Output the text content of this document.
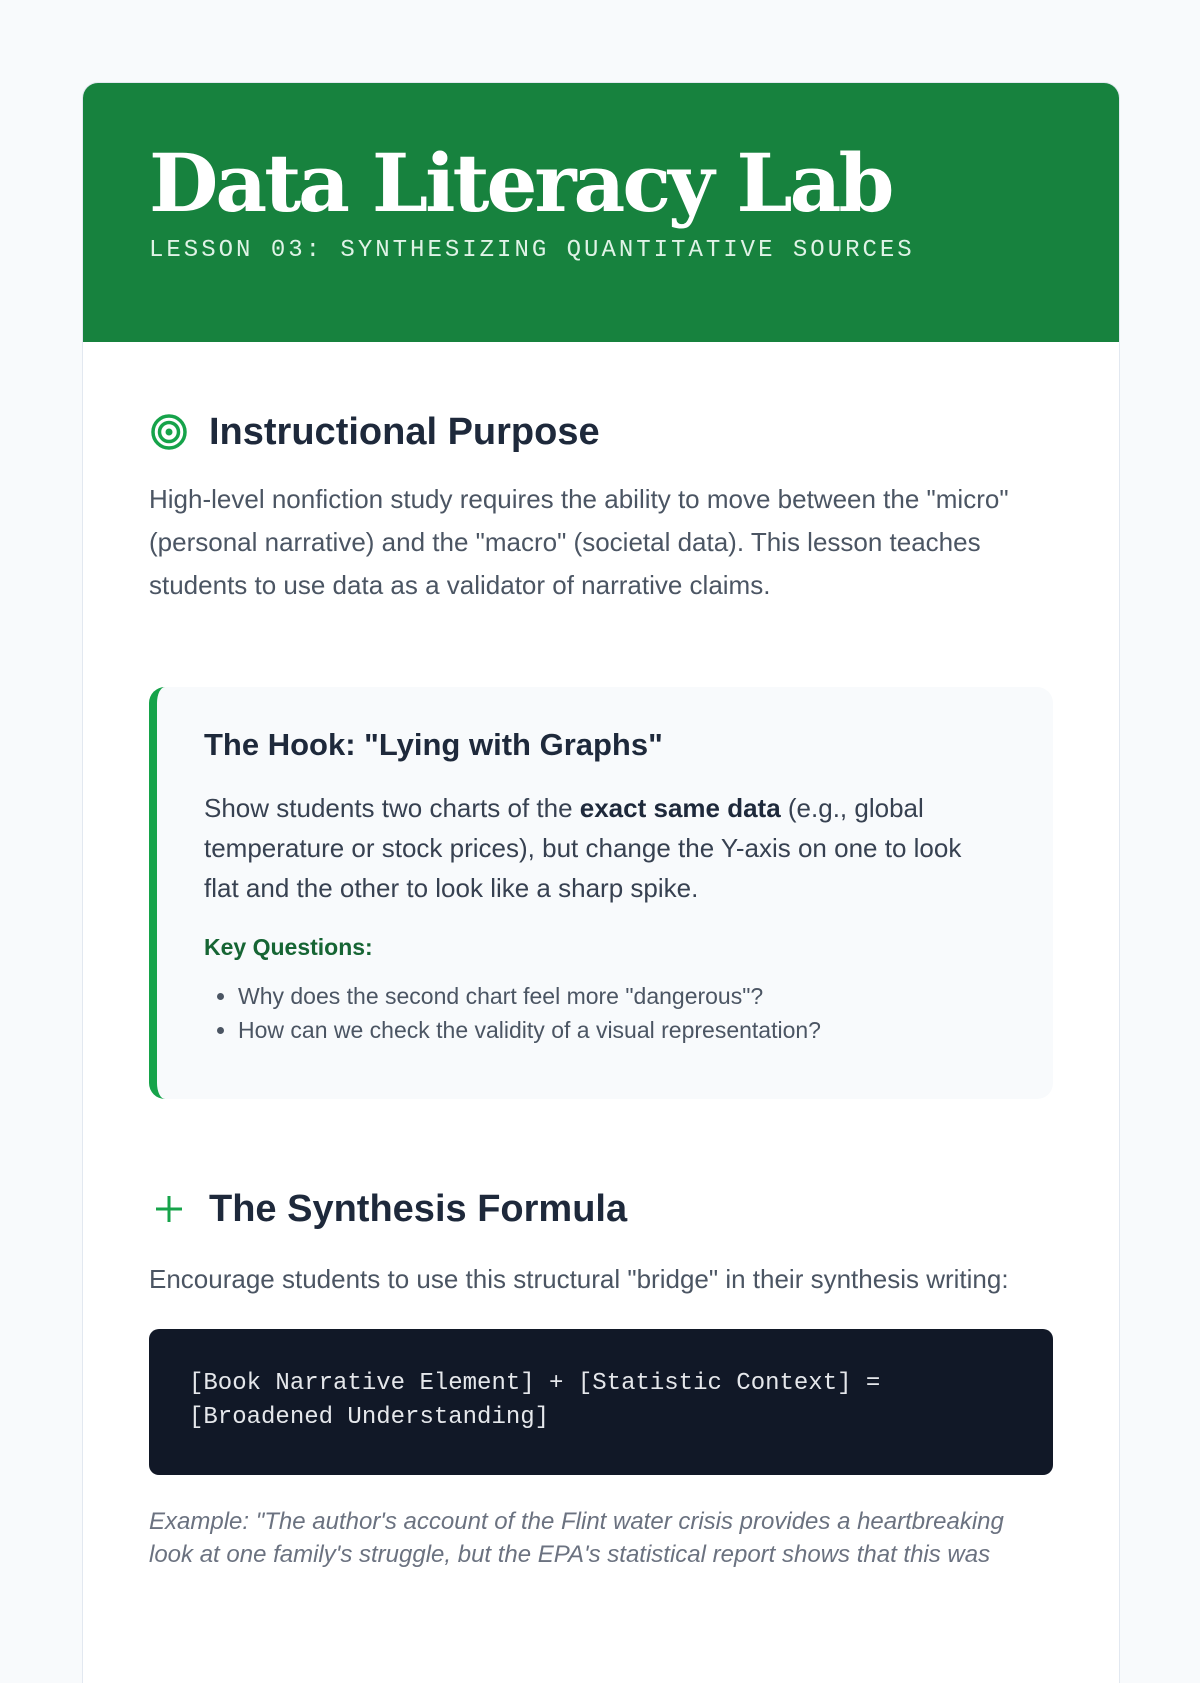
Data Literacy Lab
LESSON 03: SYNTHESIZING QUANTITATIVE SOURCES
Instructional Purpose

High-level nonfiction study requires the ability to move between the "micro" (personal narrative) and the "macro" (societal data). This lesson teaches students to use data as a validator of narrative claims.

The Hook: "Lying with Graphs"

Show students two charts of the exact same data (e.g., global temperature or stock prices), but change the Y-axis on one to look flat and the other to look like a sharp spike.

Key Questions:
• Why does the second chart feel more "dangerous"?
• How can we check the validity of a visual representation?
The Synthesis Formula

Encourage students to use this structural "bridge" in their synthesis writing:

[Book Narrative Element] + [Statistic Context] =
[Broadened Understanding]

Example: "The author's account of the Flint water crisis provides a heartbreaking look at one family's struggle, but the EPA's statistical report shows that this was
